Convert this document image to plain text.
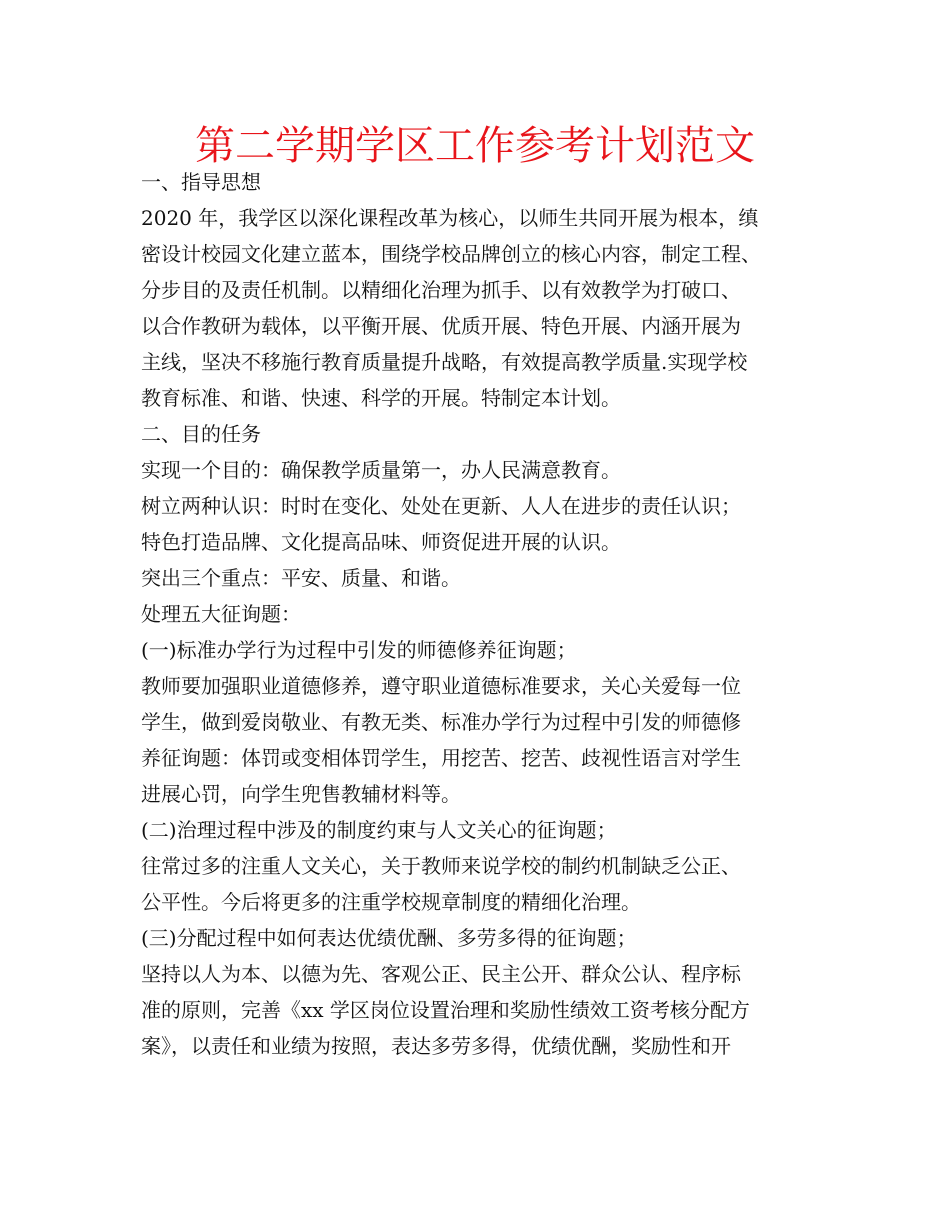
第二学期学区工作参考计划范文
一、指导思想
2020 年，我学区以深化课程改革为核心，以师生共同开展为根本，缜
密设计校园文化建立蓝本，围绕学校品牌创立的核心内容，制定工程、
分步目的及责任机制。以精细化治理为抓手、以有效教学为打破口、
以合作教研为载体，以平衡开展、优质开展、特色开展、内涵开展为
主线，坚决不移施行教育质量提升战略，有效提高教学质量.实现学校
教育标准、和谐、快速、科学的开展。特制定本计划。
二、目的任务
实现一个目的：确保教学质量第一，办人民满意教育。
树立两种认识：时时在变化、处处在更新、人人在进步的责任认识；
特色打造品牌、文化提高品味、师资促进开展的认识。
突出三个重点：平安、质量、和谐。
处理五大征询题：
(一)标准办学行为过程中引发的师德修养征询题；
教师要加强职业道德修养，遵守职业道德标准要求，关心关爱每一位
学生，做到爱岗敬业、有教无类、标准办学行为过程中引发的师德修
养征询题：体罚或变相体罚学生，用挖苦、挖苦、歧视性语言对学生
进展心罚，向学生兜售教辅材料等。
(二)治理过程中涉及的制度约束与人文关心的征询题；
往常过多的注重人文关心，关于教师来说学校的制约机制缺乏公正、
公平性。今后将更多的注重学校规章制度的精细化治理。
(三)分配过程中如何表达优绩优酬、多劳多得的征询题；
坚持以人为本、以德为先、客观公正、民主公开、群众公认、程序标
准的原则，完善《xx 学区岗位设置治理和奖励性绩效工资考核分配方
案》，以责任和业绩为按照，表达多劳多得，优绩优酬，奖励性和开
